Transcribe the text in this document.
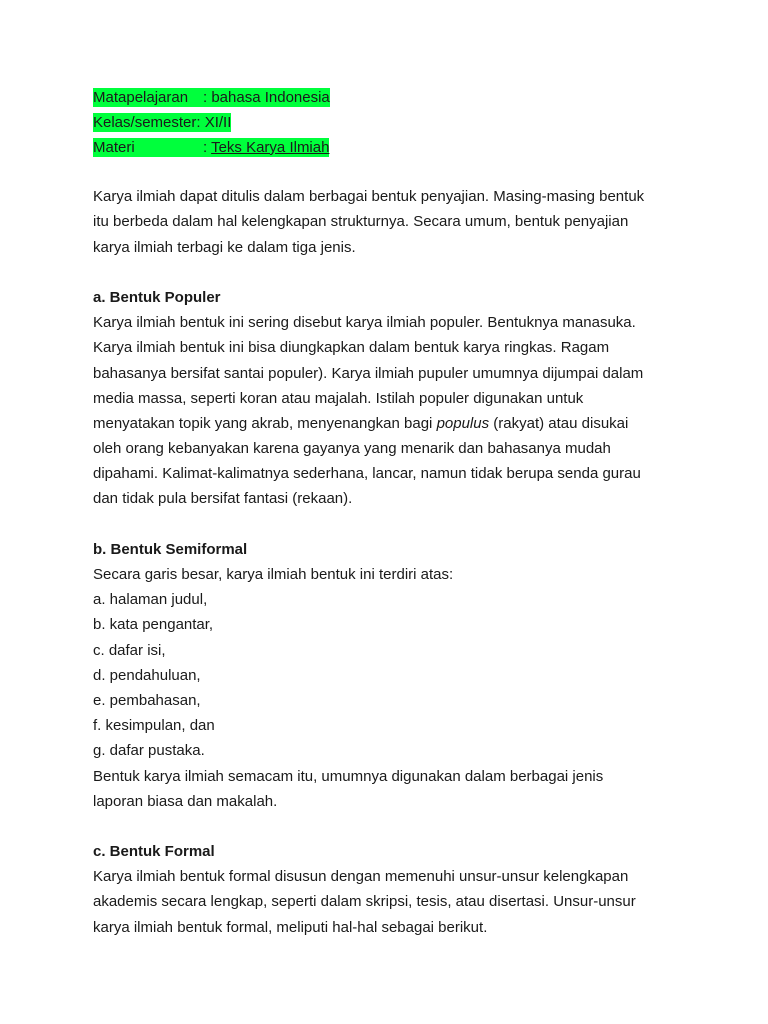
Matapelajaran : bahasa Indonesia
Kelas/semester: XI/II
Materi	: Teks Karya Ilmiah
Karya ilmiah dapat ditulis dalam berbagai bentuk penyajian. Masing-masing bentuk
itu berbeda dalam hal kelengkapan strukturnya. Secara umum, bentuk penyajian
karya ilmiah terbagi ke dalam tiga jenis.
a. Bentuk Populer
Karya ilmiah bentuk ini sering disebut karya ilmiah populer. Bentuknya manasuka.
Karya ilmiah bentuk ini bisa diungkapkan dalam bentuk karya ringkas. Ragam
bahasanya bersifat santai populer). Karya ilmiah pupuler umumnya dijumpai dalam
media massa, seperti koran atau majalah. Istilah populer digunakan untuk
menyatakan topik yang akrab, menyenangkan bagi populus (rakyat) atau disukai
oleh orang kebanyakan karena gayanya yang menarik dan bahasanya mudah
dipahami. Kalimat-kalimatnya sederhana, lancar, namun tidak berupa senda gurau
dan tidak pula bersifat fantasi (rekaan).
b. Bentuk Semiformal
Secara garis besar, karya ilmiah bentuk ini terdiri atas:
a. halaman judul,
b. kata pengantar,
c. dafar isi,
d. pendahuluan,
e. pembahasan,
f. kesimpulan, dan
g. dafar pustaka.
Bentuk karya ilmiah semacam itu, umumnya digunakan dalam berbagai jenis
laporan biasa dan makalah.
c. Bentuk Formal
Karya ilmiah bentuk formal disusun dengan memenuhi unsur-unsur kelengkapan
akademis secara lengkap, seperti dalam skripsi, tesis, atau disertasi. Unsur-unsur
karya ilmiah bentuk formal, meliputi hal-hal sebagai berikut.
